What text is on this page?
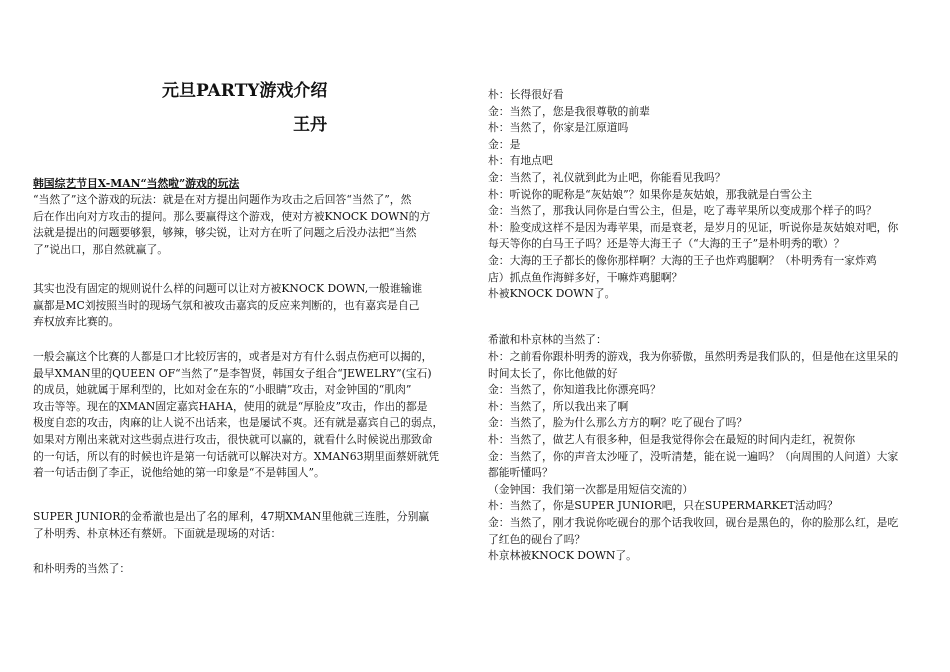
元旦PARTY游戏介绍
王丹
韩国综艺节目X-MAN“当然啦”游戏的玩法
“当然了”这个游戏的玩法：就是在对方提出问题作为攻击之后回答“当然了”，然
后在作出向对方攻击的提问。那么要赢得这个游戏，使对方被KNOCK DOWN的方
法就是提出的问题要够狠，够辣，够尖锐，让对方在听了问题之后没办法把“当然
了”说出口，那自然就赢了。
其实也没有固定的规则说什么样的问题可以让对方被KNOCK DOWN,一般谁输谁
赢都是MC刘按照当时的现场气氛和被攻击嘉宾的反应来判断的，也有嘉宾是自己
弃权放弃比赛的。
一般会赢这个比赛的人都是口才比较厉害的，或者是对方有什么弱点伤疤可以揭的，
最早XMAN里的QUEEN OF“当然了”是李智贤，韩国女子组合“JEWELRY”(宝石)
的成员，她就属于犀利型的，比如对金在东的“小眼睛”攻击，对金钟国的“肌肉”
攻击等等。现在的XMAN固定嘉宾HAHA，使用的就是“厚脸皮”攻击，作出的都是
极度自恋的攻击，肉麻的让人说不出话来，也是屡试不爽。还有就是嘉宾自己的弱点，
如果对方刚出来就对这些弱点进行攻击，很快就可以赢的，就看什么时候说出那致命
的一句话，所以有的时候也许是第一句话就可以解决对方。XMAN63期里面蔡妍就凭
着一句话击倒了李正，说他给她的第一印象是“不是韩国人”。
SUPER JUNIOR的金希澈也是出了名的犀利，47期XMAN里他就三连胜，分别赢
了朴明秀、朴京林还有蔡妍。下面就是现场的对话：
和朴明秀的当然了：
朴：长得很好看
金：当然了，您是我很尊敬的前辈
朴：当然了，你家是江原道吗
金：是
朴：有地点吧
金：当然了，礼仪就到此为止吧，你能看见我吗？
朴：听说你的昵称是“灰姑娘”？如果你是灰姑娘，那我就是白雪公主
金：当然了，那我认同你是白雪公主，但是，吃了毒苹果所以变成那个样子的吗？
朴：脸变成这样不是因为毒苹果，而是衰老，是岁月的见证，听说你是灰姑娘对吧，你
每天等你的白马王子吗？还是等大海王子（“大海的王子”是朴明秀的歌）？
金：大海的王子都长的像你那样啊？大海的王子也炸鸡腿啊？（朴明秀有一家炸鸡
店）抓点鱼作海鲜多好，干嘛炸鸡腿啊？
朴被KNOCK DOWN了。
希澈和朴京林的当然了：
朴：之前看你跟朴明秀的游戏，我为你骄傲，虽然明秀是我们队的，但是他在这里呆的
时间太长了，你比他做的好
金：当然了，你知道我比你漂亮吗？
朴：当然了，所以我出来了啊
金：当然了，脸为什么那么方方的啊？吃了砚台了吗？
朴：当然了，做艺人有很多种，但是我觉得你会在最短的时间内走红，祝贺你
金：当然了，你的声音太沙哑了，没听清楚，能在说一遍吗？（向周围的人问道）大家
都能听懂吗？
（金钟国：我们第一次都是用短信交流的）
朴：当然了，你是SUPER JUNIOR吧，只在SUPERMARKET活动吗？
金：当然了，刚才我说你吃砚台的那个话我收回，砚台是黑色的，你的脸那么红，是吃
了红色的砚台了吗？
朴京林被KNOCK DOWN了。
